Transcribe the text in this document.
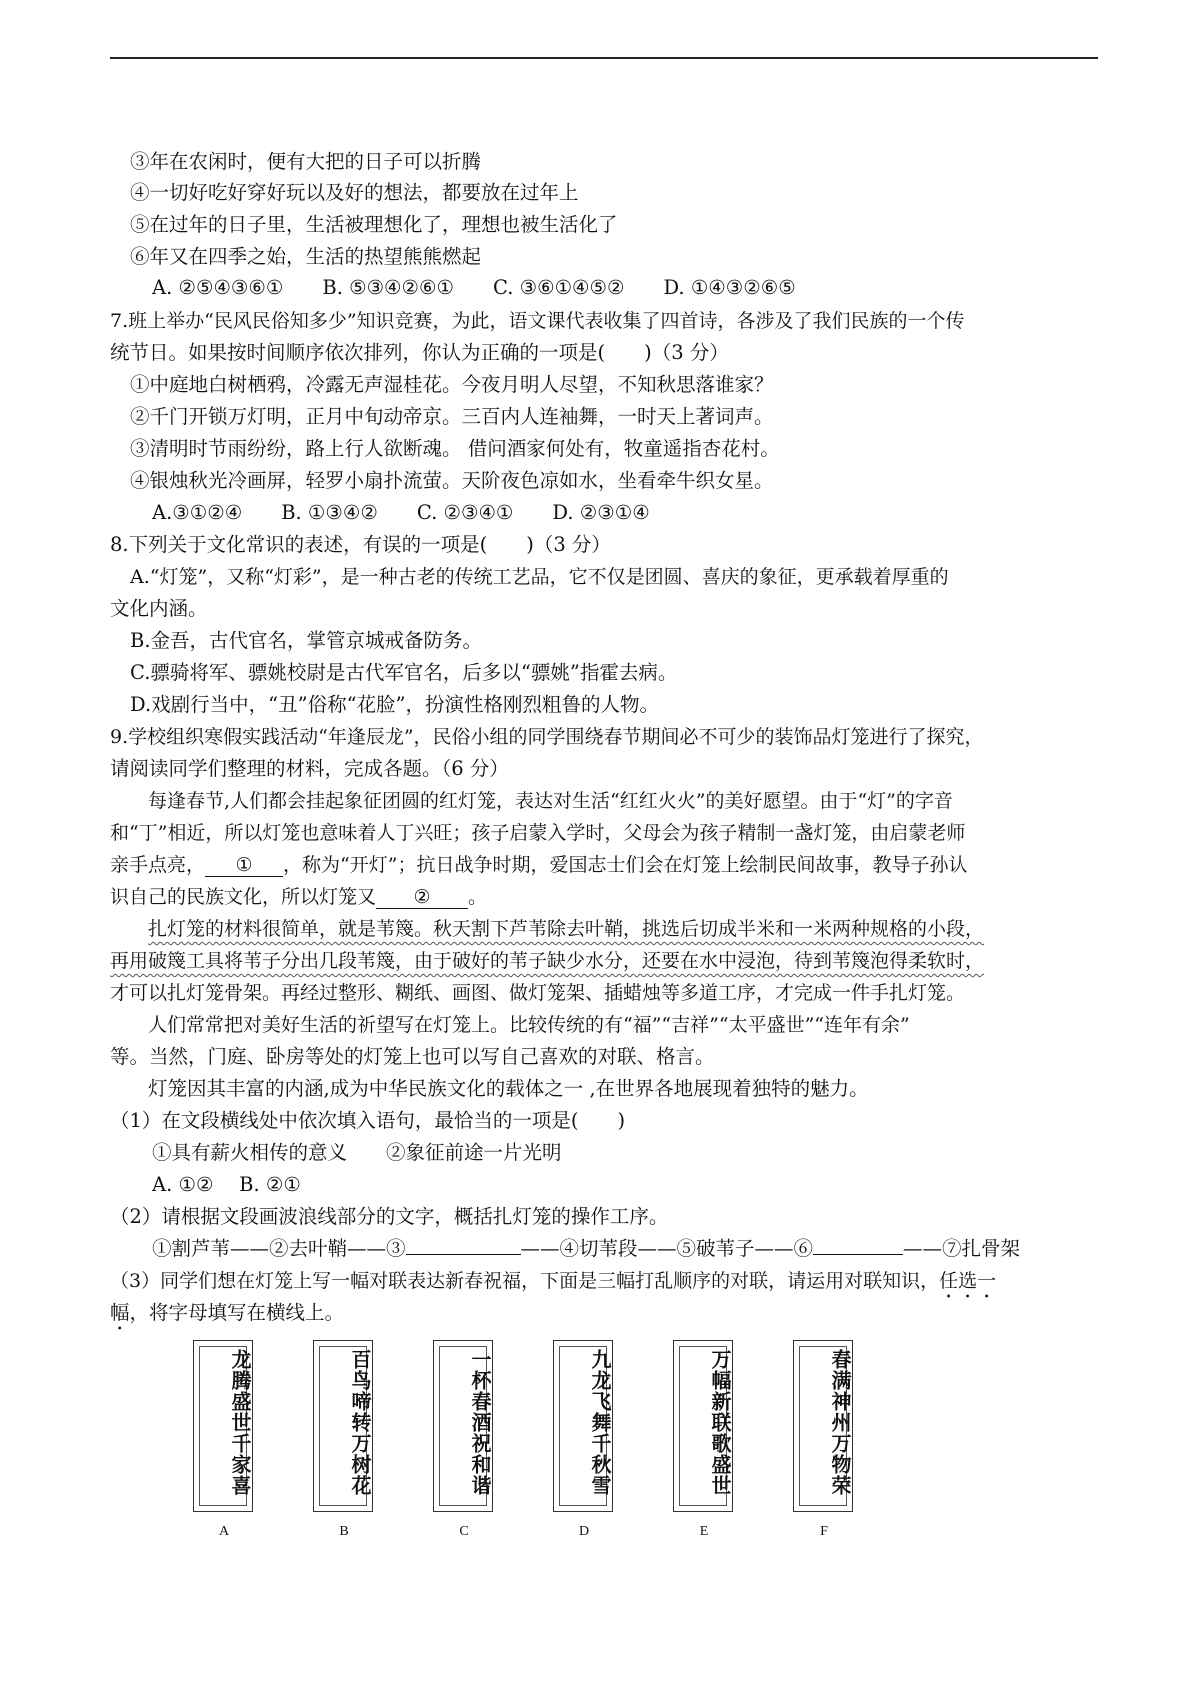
③年在农闲时，便有大把的日子可以折腾
④一切好吃好穿好玩以及好的想法，都要放在过年上
⑤在过年的日子里，生活被理想化了，理想也被生活化了
⑥年又在四季之始，生活的热望熊熊燃起
A. ②⑤④③⑥①　　B. ⑤③④②⑥①　　C. ③⑥①④⑤②　　D. ①④③②⑥⑤
7.班上举办“民风民俗知多少”知识竞赛，为此，语文课代表收集了四首诗，各涉及了我们民族的一个传
统节日。如果按时间顺序依次排列，你认为正确的一项是(　　)（3 分）
①中庭地白树栖鸦，冷露无声湿桂花。今夜月明人尽望，不知秋思落谁家？
②千门开锁万灯明，正月中旬动帝京。三百内人连袖舞，一时天上著词声。
③清明时节雨纷纷，路上行人欲断魂。 借问酒家何处有，牧童遥指杏花村。
④银烛秋光冷画屏，轻罗小扇扑流萤。天阶夜色凉如水，坐看牵牛织女星。
A.③①②④　　B. ①③④②　　C. ②③④①　　D. ②③①④
8.下列关于文化常识的表述，有误的一项是(　　)（3 分）
A.“灯笼”，又称“灯彩”，是一种古老的传统工艺品，它不仅是团圆、喜庆的象征，更承载着厚重的
文化内涵。
B.金吾，古代官名，掌管京城戒备防务。
C.骠骑将军、骠姚校尉是古代军官名，后多以“骠姚”指霍去病。
D.戏剧行当中，“丑”俗称“花脸”，扮演性格刚烈粗鲁的人物。
9.学校组织寒假实践活动“年逢辰龙”，民俗小组的同学围绕春节期间必不可少的装饰品灯笼进行了探究，
请阅读同学们整理的材料，完成各题。（6 分）
每逢春节,人们都会挂起象征团圆的红灯笼，表达对生活“红红火火”的美好愿望。由于“灯”的字音
和“丁”相近，所以灯笼也意味着人丁兴旺；孩子启蒙入学时，父母会为孩子精制一盏灯笼，由启蒙老师
亲手点亮， ① ，称为“开灯”；抗日战争时期，爱国志士们会在灯笼上绘制民间故事，教导子孙认
识自己的民族文化，所以灯笼又 ② 。
扎灯笼的材料很简单，就是苇篾。秋天割下芦苇除去叶鞘，挑选后切成半米和一米两种规格的小段，
再用破篾工具将苇子分出几段苇篾，由于破好的苇子缺少水分，还要在水中浸泡，待到苇篾泡得柔软时，
才可以扎灯笼骨架。再经过整形、糊纸、画图、做灯笼架、插蜡烛等多道工序，才完成一件手扎灯笼。
人们常常把对美好生活的祈望写在灯笼上。比较传统的有“福”“吉祥”“太平盛世”“连年有余”
等。当然，门庭、卧房等处的灯笼上也可以写自己喜欢的对联、格言。
灯笼因其丰富的内涵,成为中华民族文化的载体之一 ,在世界各地展现着独特的魅力。
（1）在文段横线处中依次填入语句，最恰当的一项是(　　)
①具有薪火相传的意义　　②象征前途一片光明
A. ①②　 B. ②①
（2）请根据文段画波浪线部分的文字，概括扎灯笼的操作工序。
①割芦苇——②去叶鞘——③	——④切苇段——⑤破苇子——⑥	——⑦扎骨架
（3）同学们想在灯笼上写一幅对联表达新春祝福，下面是三幅打乱顺序的对联，请运用对联知识，任选一
幅，将字母填写在横线上。
龙腾盛世千家喜	百鸟啼转万树花	一杯春酒祝和谐	九龙飞舞千秋雪	万幅新联歌盛世	春满神州万物荣
A	B	C	D	E	F
